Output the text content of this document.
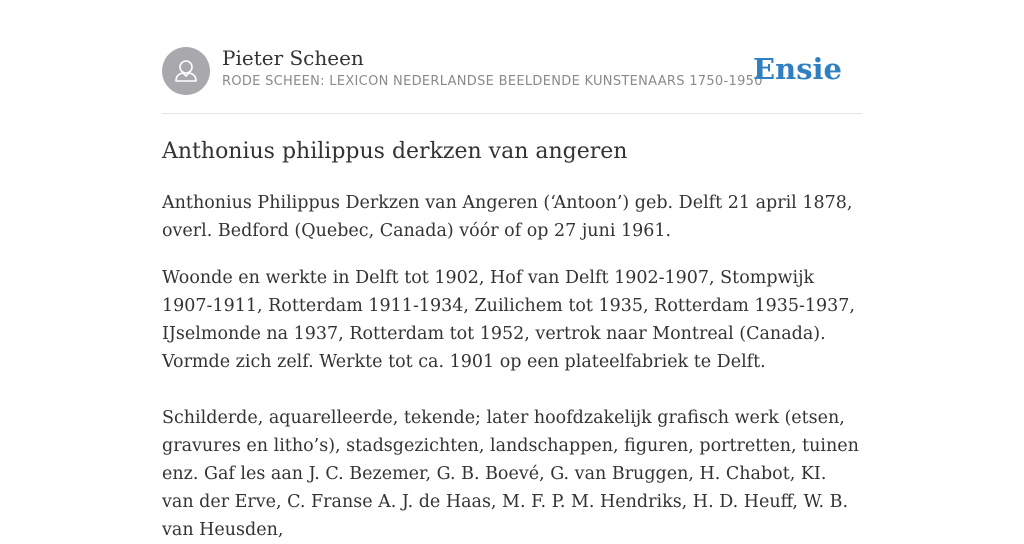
Pieter Scheen
RODE SCHEEN: LEXICON NEDERLANDSE BEELDENDE KUNSTENAARS 1750-1950
Ensie
Anthonius philippus derkzen van angeren

Anthonius Philippus Derkzen van Angeren (‘Antoon’) geb. Delft 21 april 1878, overl. Bedford (Quebec, Canada) vóór of op 27 juni 1961.

Woonde en werkte in Delft tot 1902, Hof van Delft 1902-1907, Stompwijk 1907-1911, Rotterdam 1911-1934, Zuilichem tot 1935, Rotterdam 1935-1937, IJselmonde na 1937, Rotterdam tot 1952, vertrok naar Montreal (Canada). Vormde zich zelf. Werkte tot ca. 1901 op een plateelfabriek te Delft.

Schilderde, aquarelleerde, tekende; later hoofdzakelijk grafisch werk (etsen, gravures en litho’s), stadsgezichten, landschappen, figuren, portretten, tuinen enz. Gaf les aan J. C. Bezemer, G. B. Boevé, G. van Bruggen, H. Chabot, KI. van der Erve, C. Franse A. J. de Haas, M. F. P. M. Hendriks, H. D. Heuff, W. B. van Heusden,
